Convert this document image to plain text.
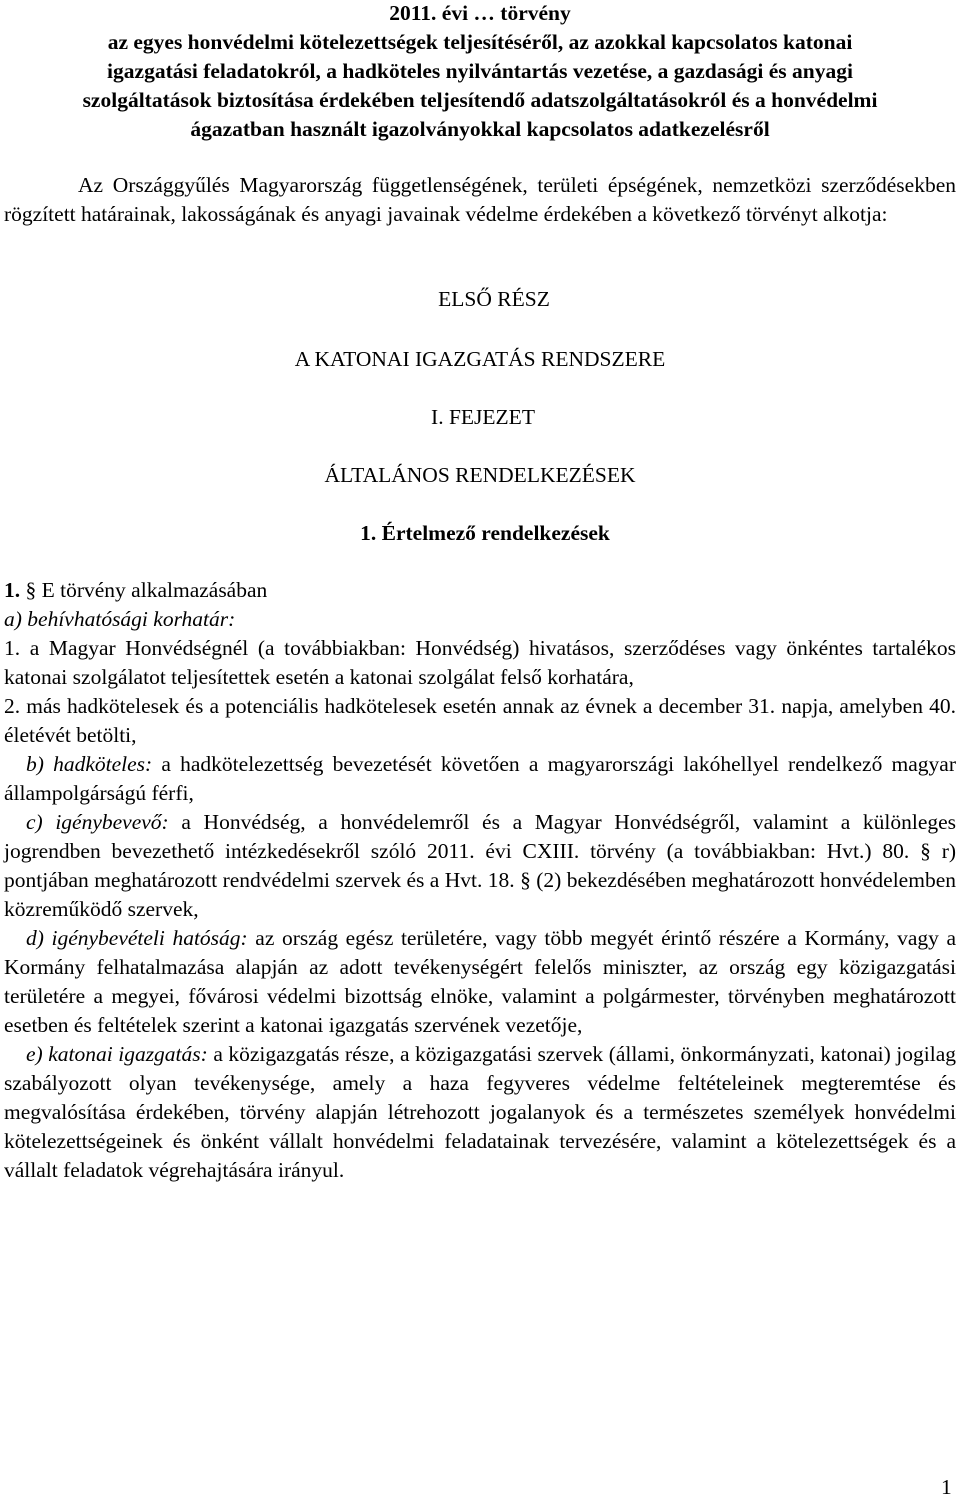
2011. évi … törvény
az egyes honvédelmi kötelezettségek teljesítéséről, az azokkal kapcsolatos katonai
igazgatási feladatokról, a hadköteles nyilvántartás vezetése, a gazdasági és anyagi
szolgáltatások biztosítása érdekében teljesítendő adatszolgáltatásokról és a honvédelmi
ágazatban használt igazolványokkal kapcsolatos adatkezelésről
Az Országgyűlés Magyarország függetlenségének, területi épségének, nemzetközi szerződésekben rögzített határainak, lakosságának és anyagi javainak védelme érdekében a következő törvényt alkotja:
ELSŐ RÉSZ
A KATONAI IGAZGATÁS RENDSZERE
I. FEJEZET
ÁLTALÁNOS RENDELKEZÉSEK
1. Értelmező rendelkezések
1. § E törvény alkalmazásában
a) behívhatósági korhatár:
1. a Magyar Honvédségnél (a továbbiakban: Honvédség) hivatásos, szerződéses vagy önkéntes tartalékos katonai szolgálatot teljesítettek esetén a katonai szolgálat felső korhatára,
2. más hadkötelesek és a potenciális hadkötelesek esetén annak az évnek a december 31. napja, amelyben 40. életévét betölti,
b) hadköteles: a hadkötelezettség bevezetését követően a magyarországi lakóhellyel rendelkező magyar állampolgárságú férfi,
c) igénybevevő: a Honvédség, a honvédelemről és a Magyar Honvédségről, valamint a különleges jogrendben bevezethető intézkedésekről szóló 2011. évi CXIII. törvény (a továbbiakban: Hvt.) 80. § r) pontjában meghatározott rendvédelmi szervek és a Hvt. 18. § (2) bekezdésében meghatározott honvédelemben közreműködő szervek,
d) igénybevételi hatóság: az ország egész területére, vagy több megyét érintő részére a Kormány, vagy a Kormány felhatalmazása alapján az adott tevékenységért felelős miniszter, az ország egy közigazgatási területére a megyei, fővárosi védelmi bizottság elnöke, valamint a polgármester, törvényben meghatározott esetben és feltételek szerint a katonai igazgatás szervének vezetője,
e) katonai igazgatás: a közigazgatás része, a közigazgatási szervek (állami, önkormányzati, katonai) jogilag szabályozott olyan tevékenysége, amely a haza fegyveres védelme feltételeinek megteremtése és megvalósítása érdekében, törvény alapján létrehozott jogalanyok és a természetes személyek honvédelmi kötelezettségeinek és önként vállalt honvédelmi feladatainak tervezésére, valamint a kötelezettségek és a vállalt feladatok végrehajtására irányul.
1
